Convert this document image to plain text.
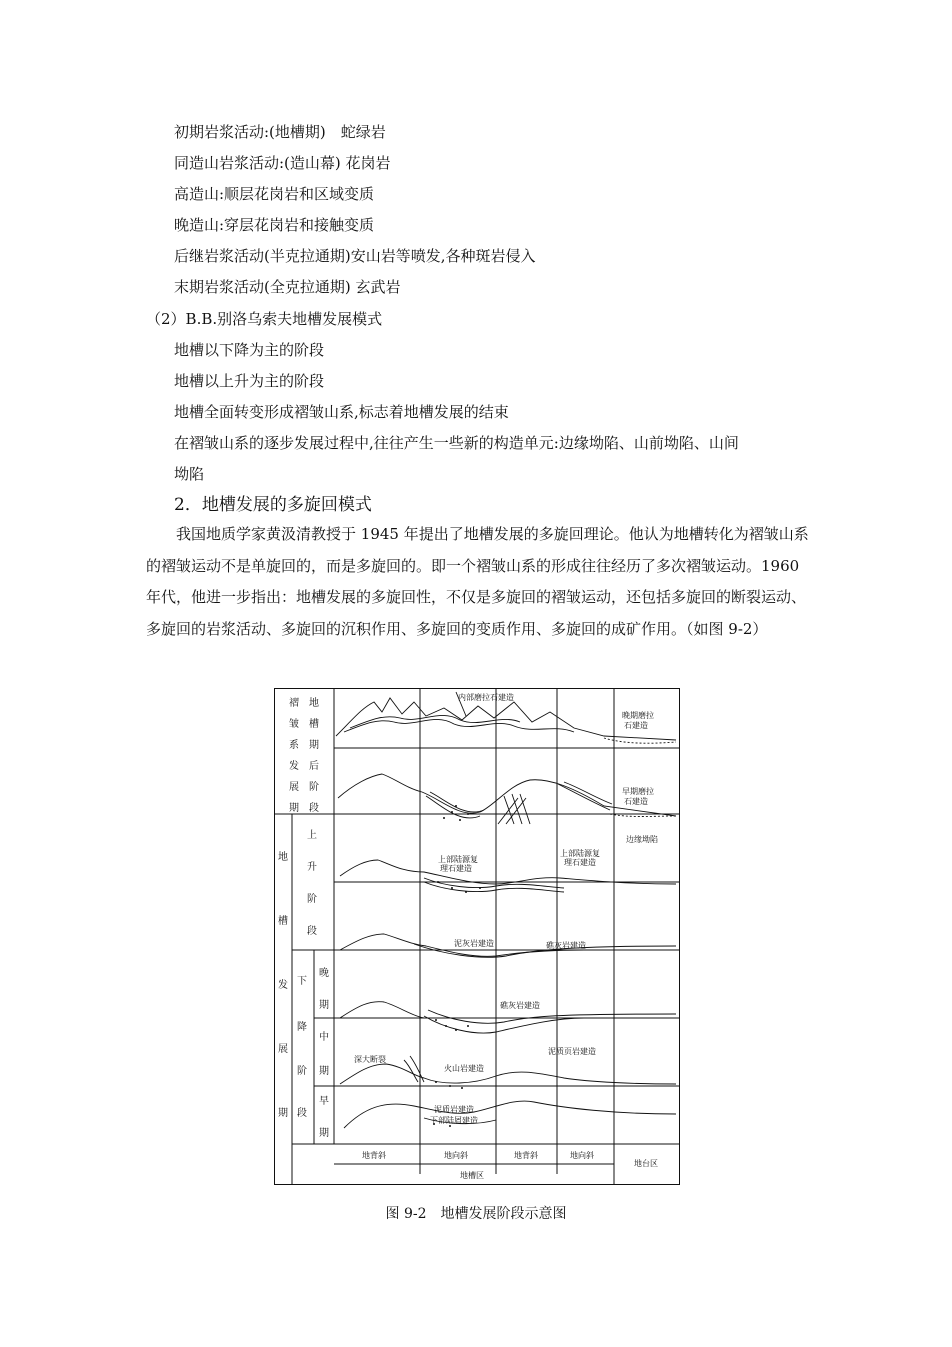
初期岩浆活动:(地槽期)　蛇绿岩
同造山岩浆活动:(造山幕) 花岗岩
高造山:顺层花岗岩和区域变质
晚造山:穿层花岗岩和接触变质
后继岩浆活动(半克拉通期)安山岩等喷发,各种斑岩侵入
末期岩浆活动(全克拉通期) 玄武岩
（2）B.B.别洛乌索夫地槽发展模式
地槽以下降为主的阶段
地槽以上升为主的阶段
地槽全面转变形成褶皱山系,标志着地槽发展的结束
在褶皱山系的逐步发展过程中,往往产生一些新的构造单元:边缘坳陷、山前坳陷、山间
坳陷
2．地槽发展的多旋回模式
我国地质学家黄汲清教授于 1945 年提出了地槽发展的多旋回理论。他认为地槽转化为褶皱山系的褶皱运动不是单旋回的，而是多旋回的。即一个褶皱山系的形成往往经历了多次褶皱运动。1960 年代，他进一步指出：地槽发展的多旋回性，不仅是多旋回的褶皱运动，还包括多旋回的断裂运动、多旋回的岩浆活动、多旋回的沉积作用、多旋回的变质作用、多旋回的成矿作用。（如图 9-2）
褶
皱
系
发
展
期
地
槽
期
后
阶
段
地
槽
发
展
期
上
升
阶
段
下
降
阶
段
晚
期
中
期
早
期
内部磨拉石建造
晚期磨拉
石建造
早期磨拉
石建造
边缘坳陷
上部陆源复
理石建造
上部陆源复
理石建造
泥灰岩建造	礁灰岩建造
礁灰岩建造
深大断裂
火山岩建造
泥质页岩建造
泥质岩建造
下部陆屑建造
地背斜	地向斜	地背斜	地向斜
地台区
地槽区
图 9-2　地槽发展阶段示意图
